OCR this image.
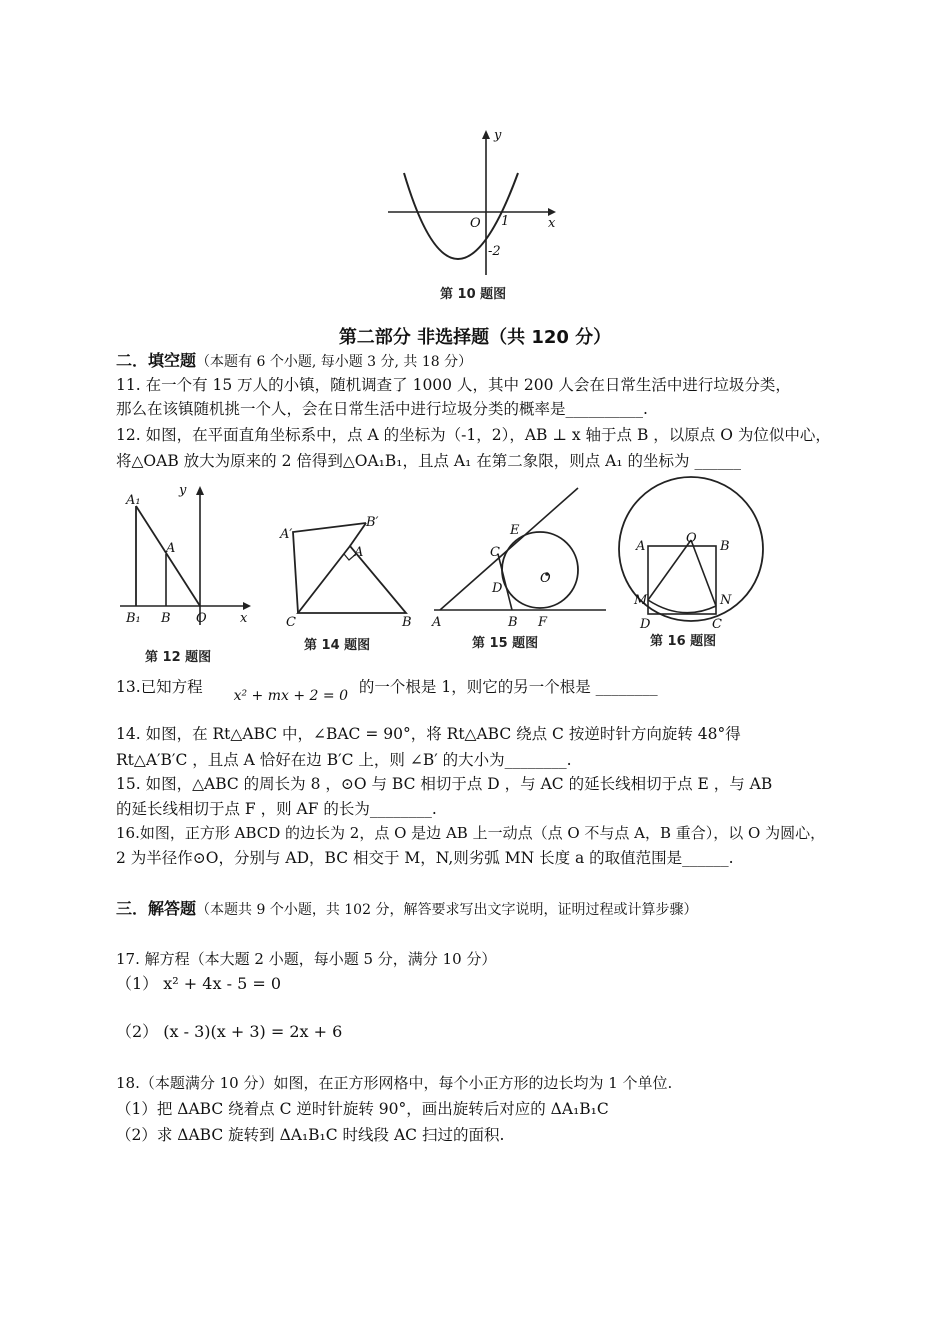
y
x
O 1
-2
第 10 题图
第二部分 非选择题（共 120 分）
二．填空题（本题有 6 个小题, 每小题 3 分, 共 18 分）
11. 在一个有 15 万人的小镇，随机调查了 1000 人，其中 200 人会在日常生活中进行垃圾分类，
那么在该镇随机挑一个人，会在日常生活中进行垃圾分类的概率是__________.
12. 如图，在平面直角坐标系中，点 A 的坐标为（-1，2），AB ⊥ x 轴于点 B ，以原点 O 为位似中心，
将△OAB 放大为原来的 2 倍得到△OA₁B₁，且点 A₁ 在第二象限，则点 A₁ 的坐标为 ______
A₁
A
y
B₁ B O	x
第 12 题图
A′
B′
A
C	B
第 14 题图
E
C
D
O
A	B F
第 15 题图
A
O
B
M	N
D	C
第 16 题图
13.已知方程 x² + mx + 2 = 0 的一个根是 1，则它的另一个根是 ________
14. 如图，在 Rt△ABC 中，∠BAC = 90°，将 Rt△ABC 绕点 C 按逆时针方向旋转 48°得
Rt△A′B′C ，且点 A 恰好在边 B′C 上，则 ∠B′ 的大小为________.
15. 如图，△ABC 的周长为 8 ，⊙O 与 BC 相切于点 D ，与 AC 的延长线相切于点 E ，与 AB
的延长线相切于点 F ，则 AF 的长为________.
16.如图，正方形 ABCD 的边长为 2，点 O 是边 AB 上一动点（点 O 不与点 A，B 重合），以 O 为圆心，
2 为半径作⊙O，分别与 AD，BC 相交于 M，N,则劣弧 MN 长度 a 的取值范围是______.
三．解答题（本题共 9 个小题，共 102 分，解答要求写出文字说明，证明过程或计算步骤）
17. 解方程（本大题 2 小题，每小题 5 分，满分 10 分）
（1） x² + 4x - 5 = 0
（2） (x - 3)(x + 3) = 2x + 6
18.（本题满分 10 分）如图，在正方形网格中，每个小正方形的边长均为 1 个单位.
（1）把 ΔABC 绕着点 C 逆时针旋转 90°，画出旋转后对应的 ΔA₁B₁C
（2）求 ΔABC 旋转到 ΔA₁B₁C 时线段 AC 扫过的面积.
